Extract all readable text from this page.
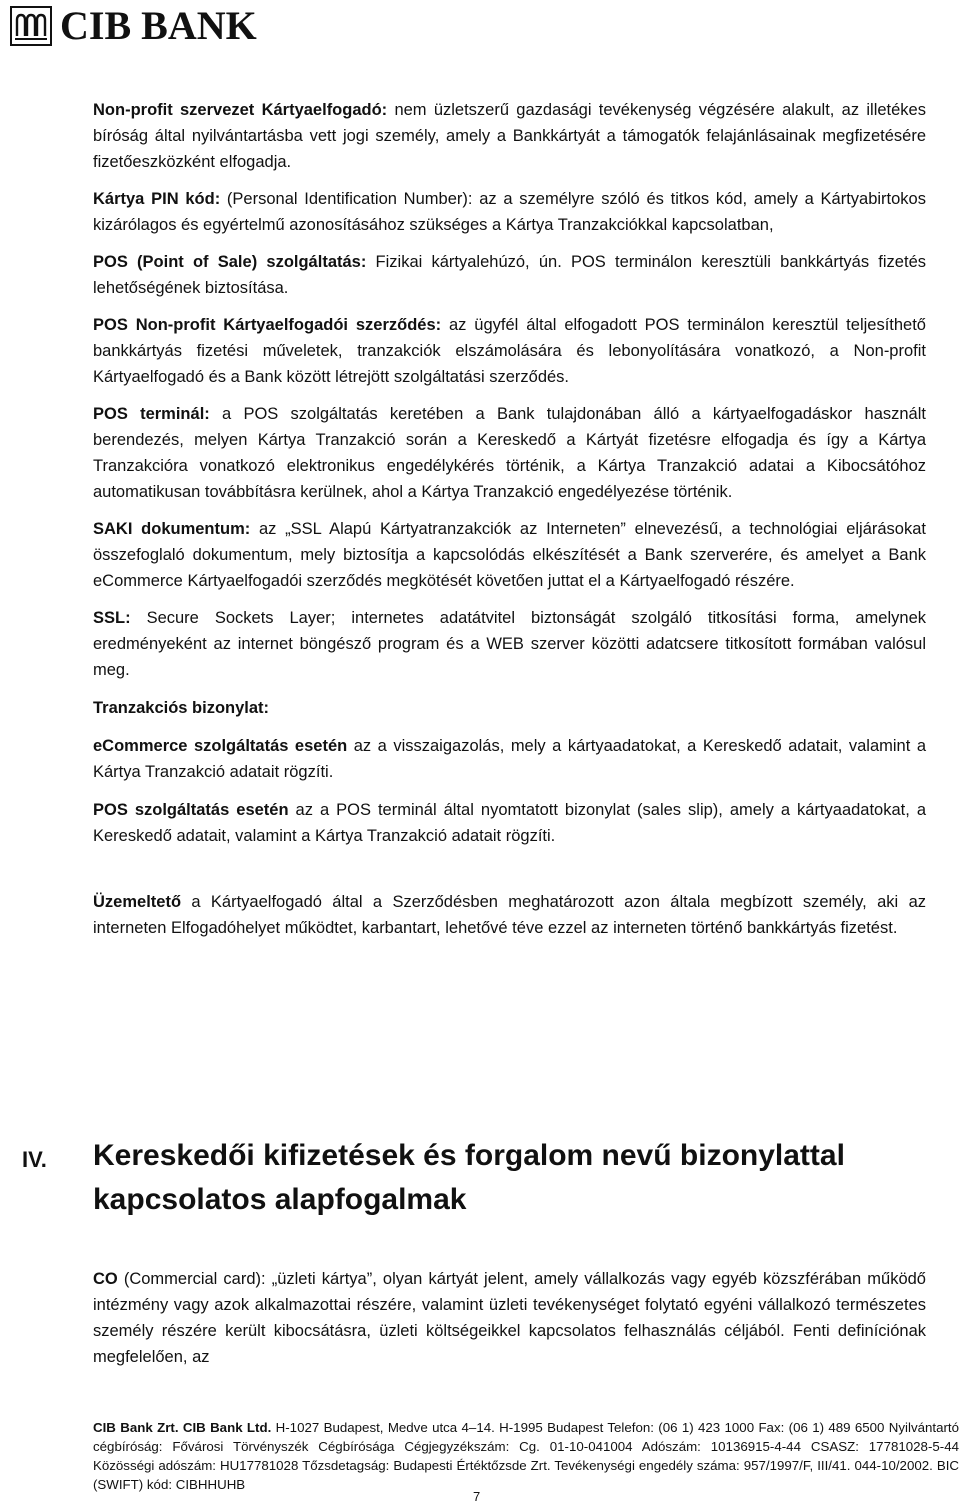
CIB BANK

Non-profit szervezet Kártyaelfogadó: nem üzletszerű gazdasági tevékenység végzésére alakult, az illetékes bíróság által nyilvántartásba vett jogi személy, amely a Bankkártyát a támogatók felajánlásainak megfizetésére fizetőeszközként elfogadja.

Kártya PIN kód: (Personal Identification Number): az a személyre szóló és titkos kód, amely a Kártyabirtokos kizárólagos és egyértelmű azonosításához szükséges a Kártya Tranzakciókkal kapcsolatban,

POS (Point of Sale) szolgáltatás: Fizikai kártyalehúzó, ún. POS terminálon keresztüli bankkártyás fizetés lehetőségének biztosítása.

POS Non-profit Kártyaelfogadói szerződés: az ügyfél által elfogadott POS terminálon keresztül teljesíthető bankkártyás fizetési műveletek, tranzakciók elszámolására és lebonyolítására vonatkozó, a Non-profit Kártyaelfogadó és a Bank között létrejött szolgáltatási szerződés.

POS terminál: a POS szolgáltatás keretében a Bank tulajdonában álló a kártyaelfogadáskor használt berendezés, melyen Kártya Tranzakció során a Kereskedő a Kártyát fizetésre elfogadja és így a Kártya Tranzakcióra vonatkozó elektronikus engedélykérés történik, a Kártya Tranzakció adatai a Kibocsátóhoz automatikusan továbbításra kerülnek, ahol a Kártya Tranzakció engedélyezése történik.

SAKI dokumentum: az „SSL Alapú Kártyatranzakciók az Interneten” elnevezésű, a technológiai eljárásokat összefoglaló dokumentum, mely biztosítja a kapcsolódás elkészítését a Bank szerverére, és amelyet a Bank eCommerce Kártyaelfogadói szerződés megkötését követően juttat el a Kártyaelfogadó részére.

SSL: Secure Sockets Layer; internetes adatátvitel biztonságát szolgáló titkosítási forma, amelynek eredményeként az internet böngésző program és a WEB szerver közötti adatcsere titkosított formában valósul meg.

Tranzakciós bizonylat:

eCommerce szolgáltatás esetén az a visszaigazolás, mely a kártyaadatokat, a Kereskedő adatait, valamint a Kártya Tranzakció adatait rögzíti.

POS szolgáltatás esetén az a POS terminál által nyomtatott bizonylat (sales slip), amely a kártyaadatokat, a Kereskedő adatait, valamint a Kártya Tranzakció adatait rögzíti.

Üzemeltető a Kártyaelfogadó által a Szerződésben meghatározott azon általa megbízott személy, aki az interneten Elfogadóhelyet működtet, karbantart, lehetővé téve ezzel az interneten történő bankkártyás fizetést.

IV. Kereskedői kifizetések és forgalom nevű bizonylattal kapcsolatos alapfogalmak

CO (Commercial card): „üzleti kártya”, olyan kártyát jelent, amely vállalkozás vagy egyéb közszférában működő intézmény vagy azok alkalmazottai részére, valamint üzleti tevékenységet folytató egyéni vállalkozó természetes személy részére került kibocsátásra, üzleti költségeikkel kapcsolatos felhasználás céljából. Fenti definíciónak megfelelően, az

CIB Bank Zrt. CIB Bank Ltd. H-1027 Budapest, Medve utca 4–14. H-1995 Budapest Telefon: (06 1) 423 1000 Fax: (06 1) 489 6500 Nyilvántartó cégbíróság: Fővárosi Törvényszék Cégbírósága Cégjegyzékszám: Cg. 01-10-041004 Adószám: 10136915-4-44 CSASZ: 17781028-5-44 Közösségi adószám: HU17781028 Tőzsdetagság: Budapesti Értéktőzsde Zrt. Tevékenységi engedély száma: 957/1997/F, III/41. 044-10/2002. BIC (SWIFT) kód: CIBHHUHB

7
